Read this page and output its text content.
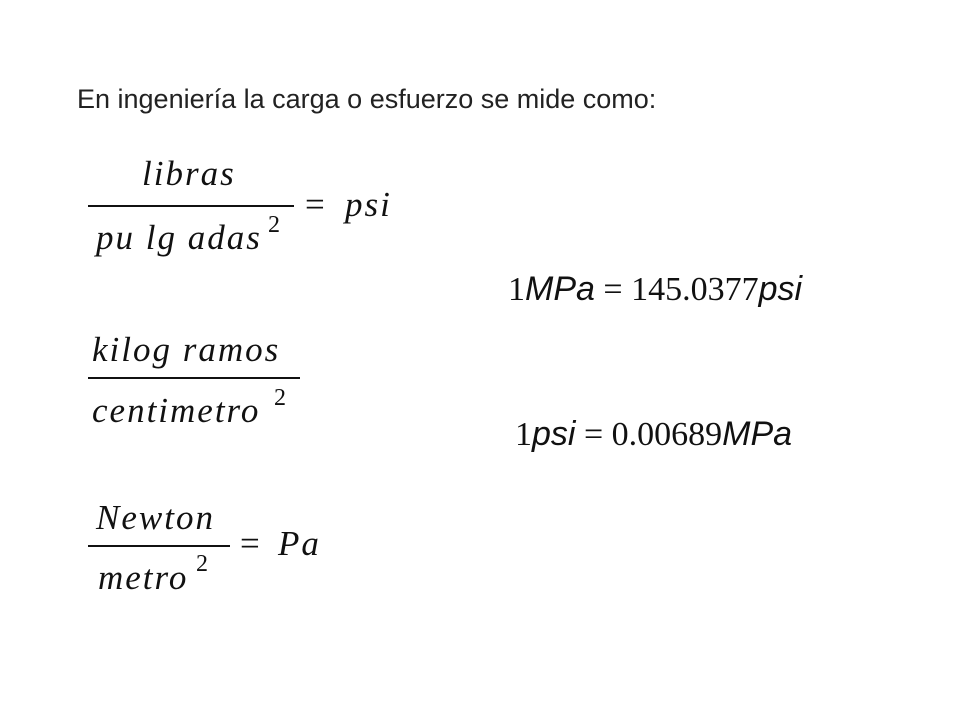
En ingeniería la carga o esfuerzo se mide como:
libras
pu lg adas 2
= psi
kilog ramos
centimetro 2
Newton
metro 2
= Pa
1MPa = 145.0377psi
1psi = 0.00689MPa
